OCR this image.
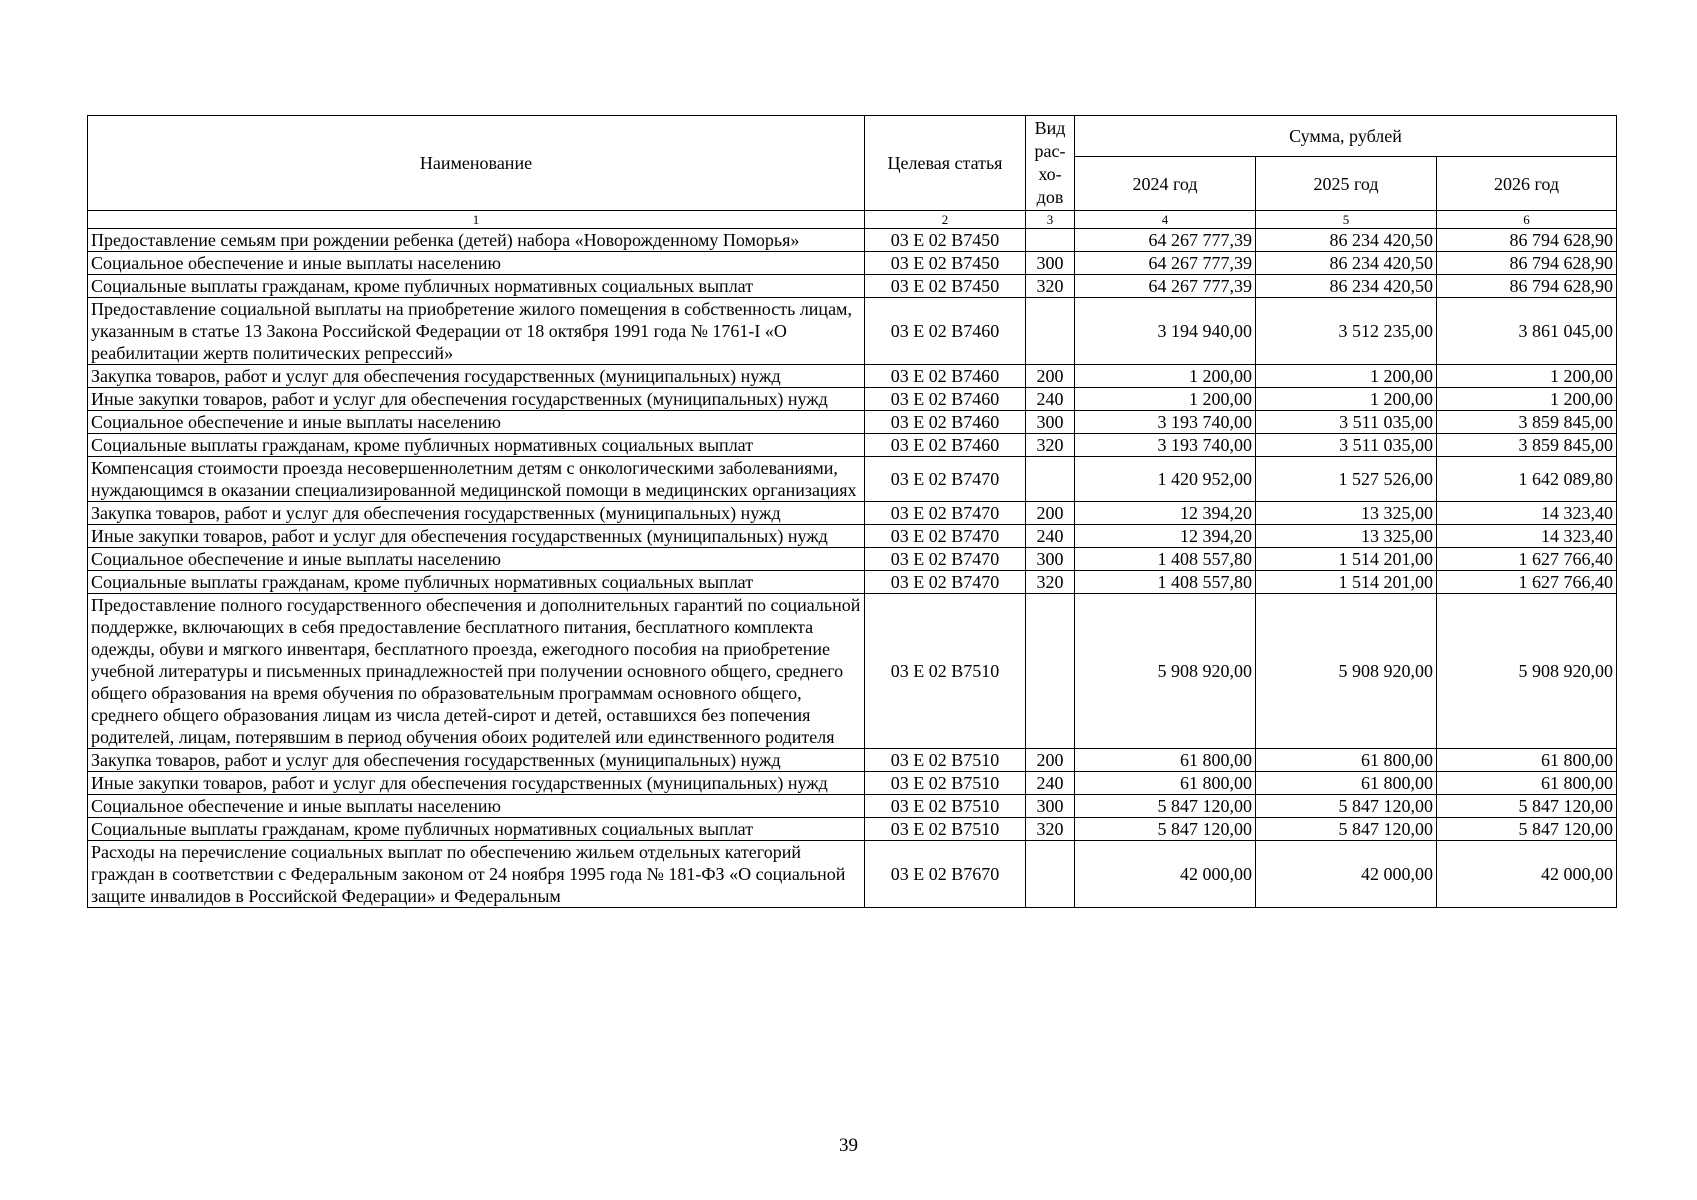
Наименование	Целевая статья	Вид рас-хо-дов	Сумма, рублей		
			2024 год	2025 год	2026 год
1	2	3	4	5	6
Предоставление семьям при рождении ребенка (детей) набора «Новорожденному Поморья»	03 Е 02 В7450		64 267 777,39	86 234 420,50	86 794 628,90
Социальное обеспечение и иные выплаты населению	03 Е 02 В7450	300	64 267 777,39	86 234 420,50	86 794 628,90
Социальные выплаты гражданам, кроме публичных нормативных социальных выплат	03 Е 02 В7450	320	64 267 777,39	86 234 420,50	86 794 628,90
Предоставление социальной выплаты на приобретение жилого помещения в собственность лицам, указанным в статье 13 Закона Российской Федерации от 18 октября 1991 года № 1761-I «О реабилитации жертв политических репрессий»	03 Е 02 В7460		3 194 940,00	3 512 235,00	3 861 045,00
Закупка товаров, работ и услуг для обеспечения государственных (муниципальных) нужд	03 Е 02 В7460	200	1 200,00	1 200,00	1 200,00
Иные закупки товаров, работ и услуг для обеспечения государственных (муниципальных) нужд	03 Е 02 В7460	240	1 200,00	1 200,00	1 200,00
Социальное обеспечение и иные выплаты населению	03 Е 02 В7460	300	3 193 740,00	3 511 035,00	3 859 845,00
Социальные выплаты гражданам, кроме публичных нормативных социальных выплат	03 Е 02 В7460	320	3 193 740,00	3 511 035,00	3 859 845,00
Компенсация стоимости проезда несовершеннолетним детям с онкологическими заболеваниями, нуждающимся в оказании специализированной медицинской помощи в медицинских организациях	03 Е 02 В7470		1 420 952,00	1 527 526,00	1 642 089,80
Закупка товаров, работ и услуг для обеспечения государственных (муниципальных) нужд	03 Е 02 В7470	200	12 394,20	13 325,00	14 323,40
Иные закупки товаров, работ и услуг для обеспечения государственных (муниципальных) нужд	03 Е 02 В7470	240	12 394,20	13 325,00	14 323,40
Социальное обеспечение и иные выплаты населению	03 Е 02 В7470	300	1 408 557,80	1 514 201,00	1 627 766,40
Социальные выплаты гражданам, кроме публичных нормативных социальных выплат	03 Е 02 В7470	320	1 408 557,80	1 514 201,00	1 627 766,40
Предоставление полного государственного обеспечения и дополнительных гарантий по социальной поддержке, включающих в себя предоставление бесплатного питания, бесплатного комплекта одежды, обуви и мягкого инвентаря, бесплатного проезда, ежегодного пособия на приобретение учебной литературы и письменных принадлежностей при получении основного общего, среднего общего образования на время обучения по образовательным программам основного общего, среднего общего образования лицам из числа детей-сирот и детей, оставшихся без попечения родителей, лицам, потерявшим в период обучения обоих родителей или единственного родителя	03 Е 02 В7510		5 908 920,00	5 908 920,00	5 908 920,00
Закупка товаров, работ и услуг для обеспечения государственных (муниципальных) нужд	03 Е 02 В7510	200	61 800,00	61 800,00	61 800,00
Иные закупки товаров, работ и услуг для обеспечения государственных (муниципальных) нужд	03 Е 02 В7510	240	61 800,00	61 800,00	61 800,00
Социальное обеспечение и иные выплаты населению	03 Е 02 В7510	300	5 847 120,00	5 847 120,00	5 847 120,00
Социальные выплаты гражданам, кроме публичных нормативных социальных выплат	03 Е 02 В7510	320	5 847 120,00	5 847 120,00	5 847 120,00
Расходы на перечисление социальных выплат по обеспечению жильем отдельных категорий граждан в соответствии с Федеральным законом от 24 ноября 1995 года № 181-ФЗ «О социальной защите инвалидов в Российской Федерации» и Федеральным	03 Е 02 В7670		42 000,00	42 000,00	42 000,00
39
